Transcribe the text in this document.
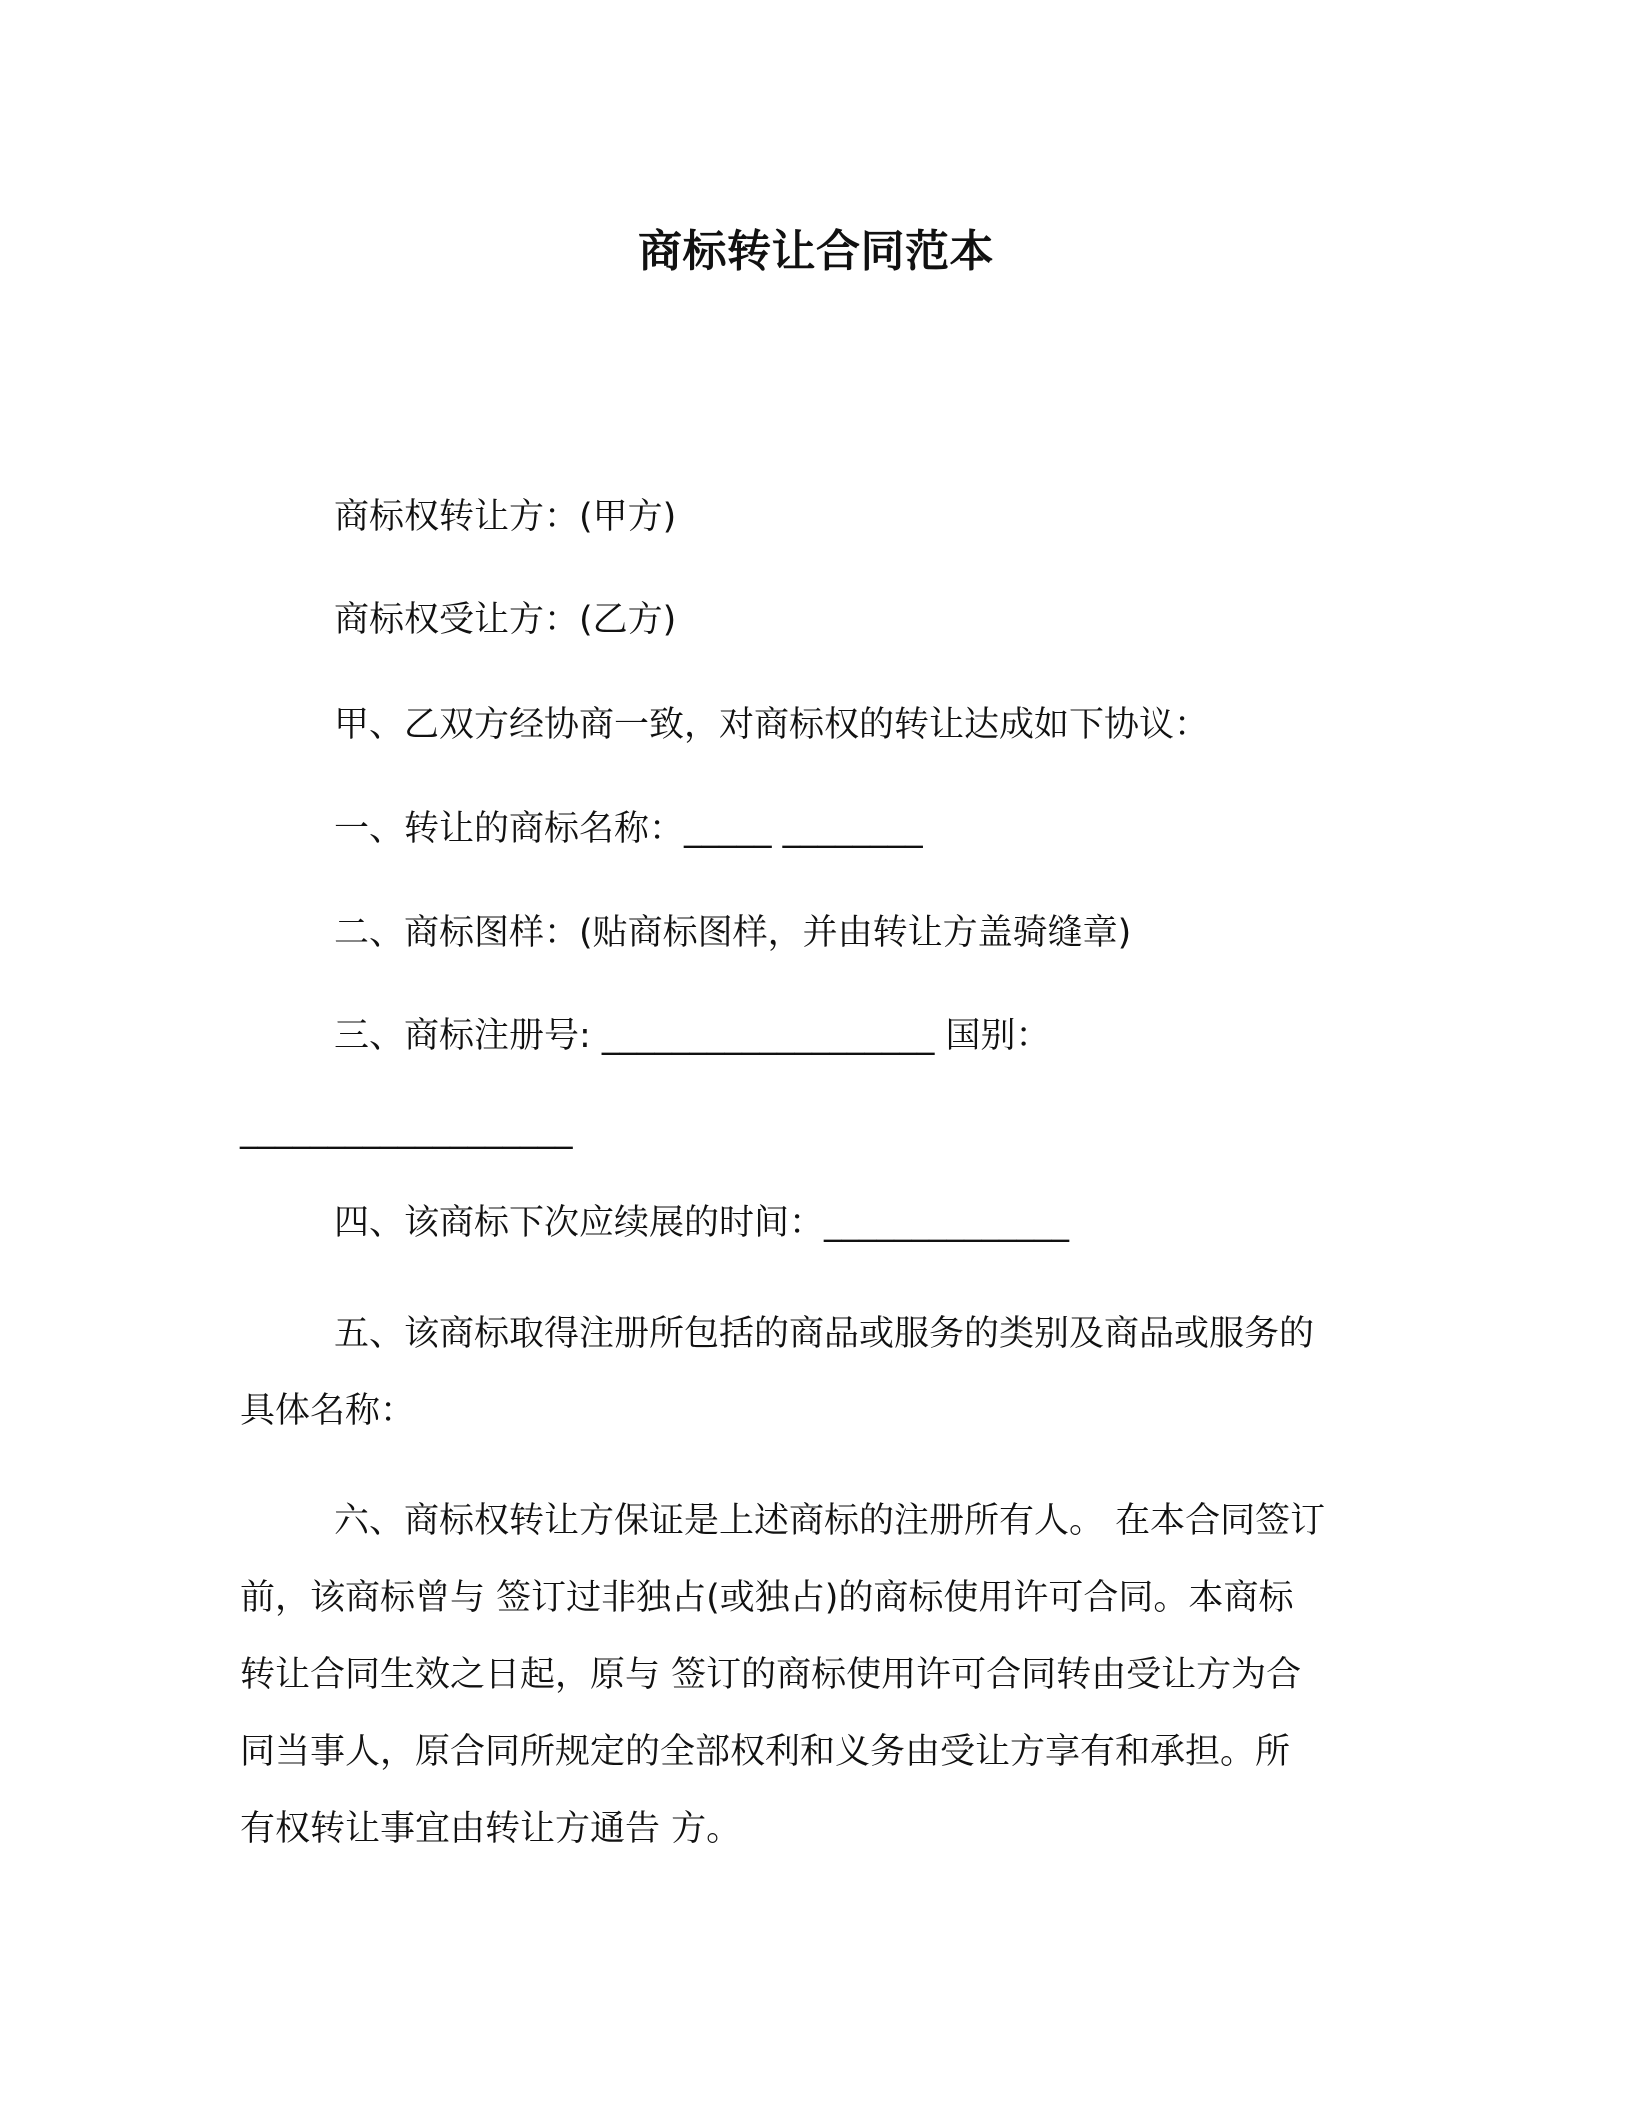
商标转让合同范本
商标权转让方：(甲方)
商标权受让方：(乙方)
甲、乙双方经协商一致，对商标权的转让达成如下协议：
一、转让的商标名称：_____ ________
二、商标图样：(贴商标图样，并由转让方盖骑缝章)
三、商标注册号: ___________________ 国别：
___________________
四、该商标下次应续展的时间：______________
五、该商标取得注册所包括的商品或服务的类别及商品或服务的
具体名称：
六、商标权转让方保证是上述商标的注册所有人。 在本合同签订
前，该商标曾与 签订过非独占(或独占)的商标使用许可合同。本商标
转让合同生效之日起，原与 签订的商标使用许可合同转由受让方为合
同当事人，原合同所规定的全部权利和义务由受让方享有和承担。所
有权转让事宜由转让方通告 方。
